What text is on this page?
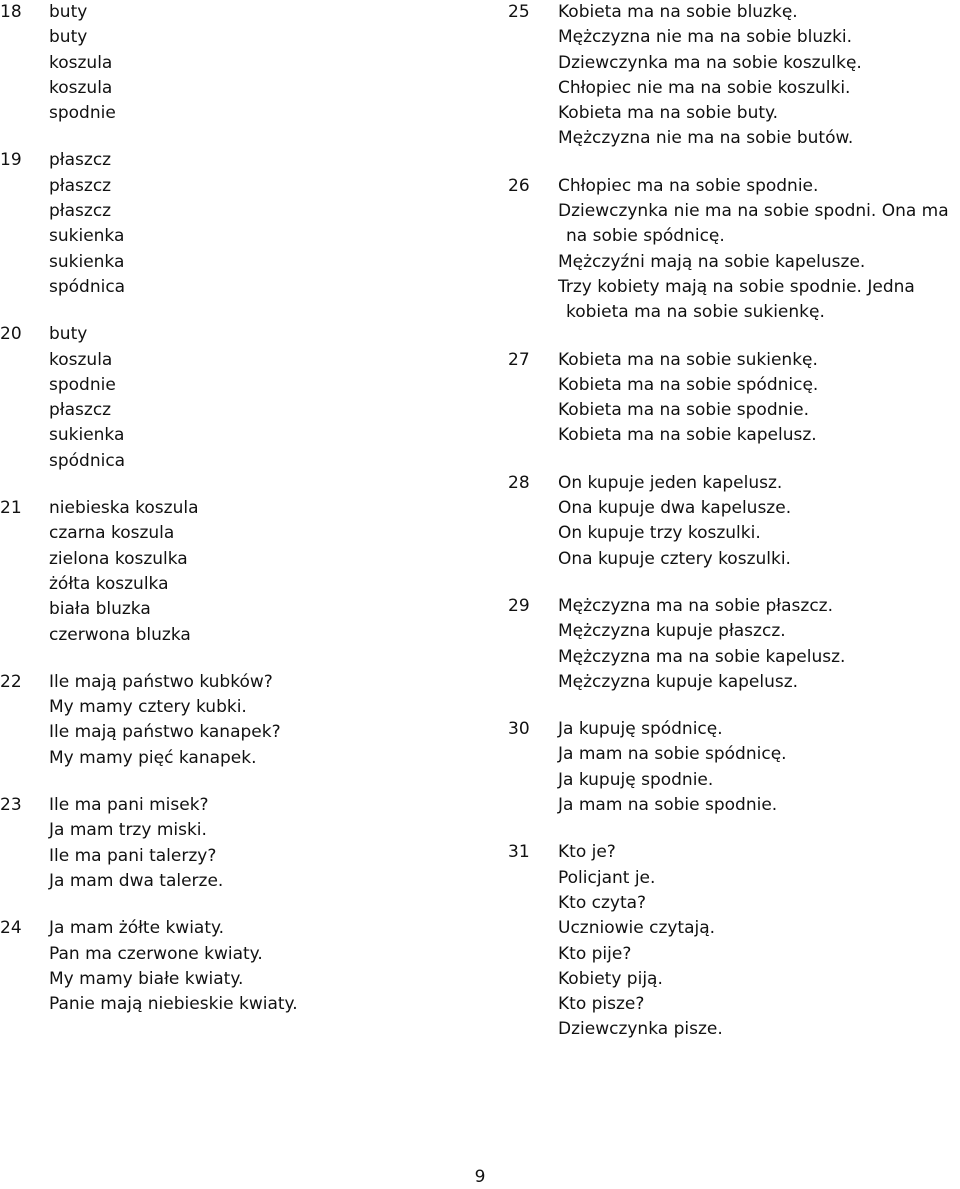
18	buty
buty
koszula
koszula
spodnie
19	płaszcz
płaszcz
płaszcz
sukienka
sukienka
spódnica
20	buty
koszula
spodnie
płaszcz
sukienka
spódnica
21	niebieska koszula
czarna koszula
zielona koszulka
żółta koszulka
biała bluzka
czerwona bluzka
22	Ile mają państwo kubków?
My mamy cztery kubki.
Ile mają państwo kanapek?
My mamy pięć kanapek.
23	Ile ma pani misek?
Ja mam trzy miski.
Ile ma pani talerzy?
Ja mam dwa talerze.
24	Ja mam żółte kwiaty.
Pan ma czerwone kwiaty.
My mamy białe kwiaty.
Panie mają niebieskie kwiaty.
25	Kobieta ma na sobie bluzkę.
Mężczyzna nie ma na sobie bluzki.
Dziewczynka ma na sobie koszulkę.
Chłopiec nie ma na sobie koszulki.
Kobieta ma na sobie buty.
Mężczyzna nie ma na sobie butów.
26	Chłopiec ma na sobie spodnie.
Dziewczynka nie ma na sobie spodni. Ona ma
na sobie spódnicę.
Mężczyźni mają na sobie kapelusze.
Trzy kobiety mają na sobie spodnie. Jedna
kobieta ma na sobie sukienkę.
27	Kobieta ma na sobie sukienkę.
Kobieta ma na sobie spódnicę.
Kobieta ma na sobie spodnie.
Kobieta ma na sobie kapelusz.
28	On kupuje jeden kapelusz.
Ona kupuje dwa kapelusze.
On kupuje trzy koszulki.
Ona kupuje cztery koszulki.
29	Mężczyzna ma na sobie płaszcz.
Mężczyzna kupuje płaszcz.
Mężczyzna ma na sobie kapelusz.
Mężczyzna kupuje kapelusz.
30	Ja kupuję spódnicę.
Ja mam na sobie spódnicę.
Ja kupuję spodnie.
Ja mam na sobie spodnie.
31	Kto je?
Policjant je.
Kto czyta?
Uczniowie czytają.
Kto pije?
Kobiety piją.
Kto pisze?
Dziewczynka pisze.
9
